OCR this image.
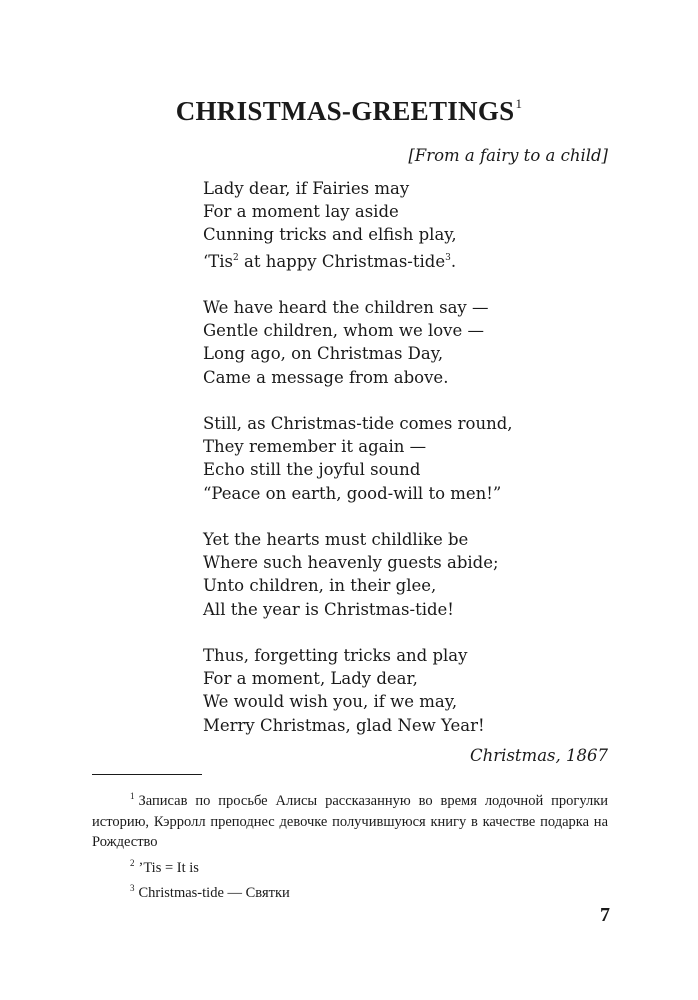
CHRISTMAS-GREETINGS$^1$
[From a fairy to a child]
Lady dear, if Fairies may
For a moment lay aside
Cunning tricks and elfish play,
‘Tis$^2$ at happy Christmas-tide$^3$.
We have heard the children say —
Gentle children, whom we love —
Long ago, on Christmas Day,
Came a message from above.
Still, as Christmas-tide comes round,
They remember it again —
Echo still the joyful sound
“Peace on earth, good-will to men!”
Yet the hearts must childlike be
Where such heavenly guests abide;
Unto children, in their glee,
All the year is Christmas-tide!
Thus, forgetting tricks and play
For a moment, Lady dear,
We would wish you, if we may,
Merry Christmas, glad New Year!
Christmas, 1867

$^1$ Записав по просьбе Алисы рассказанную во время лодочной прогулки историю, Кэрролл преподнес девочке получившуюся книгу в качестве подарка на Рождество

$^2$ ’Tis = It is

$^3$ Christmas-tide — Святки

7
